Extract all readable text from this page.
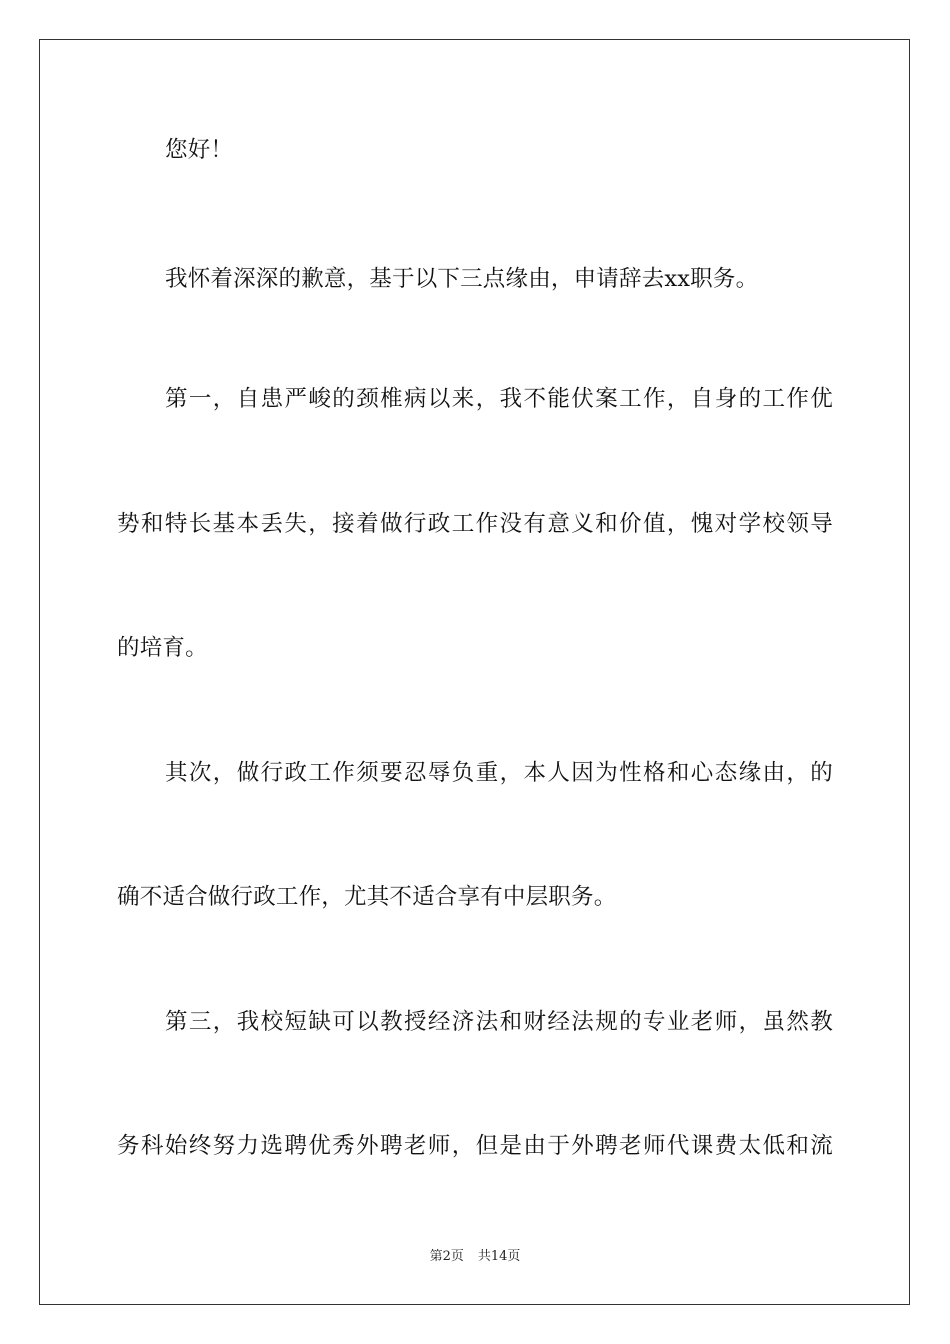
您好！
我怀着深深的歉意，基于以下三点缘由，申请辞去xx职务。
第一，自患严峻的颈椎病以来，我不能伏案工作，自身的工作优
势和特长基本丢失，接着做行政工作没有意义和价值，愧对学校领导
的培育。
其次，做行政工作须要忍辱负重，本人因为性格和心态缘由，的
确不适合做行政工作，尤其不适合享有中层职务。
第三，我校短缺可以教授经济法和财经法规的专业老师，虽然教
务科始终努力选聘优秀外聘老师，但是由于外聘老师代课费太低和流
第2页 共14页
